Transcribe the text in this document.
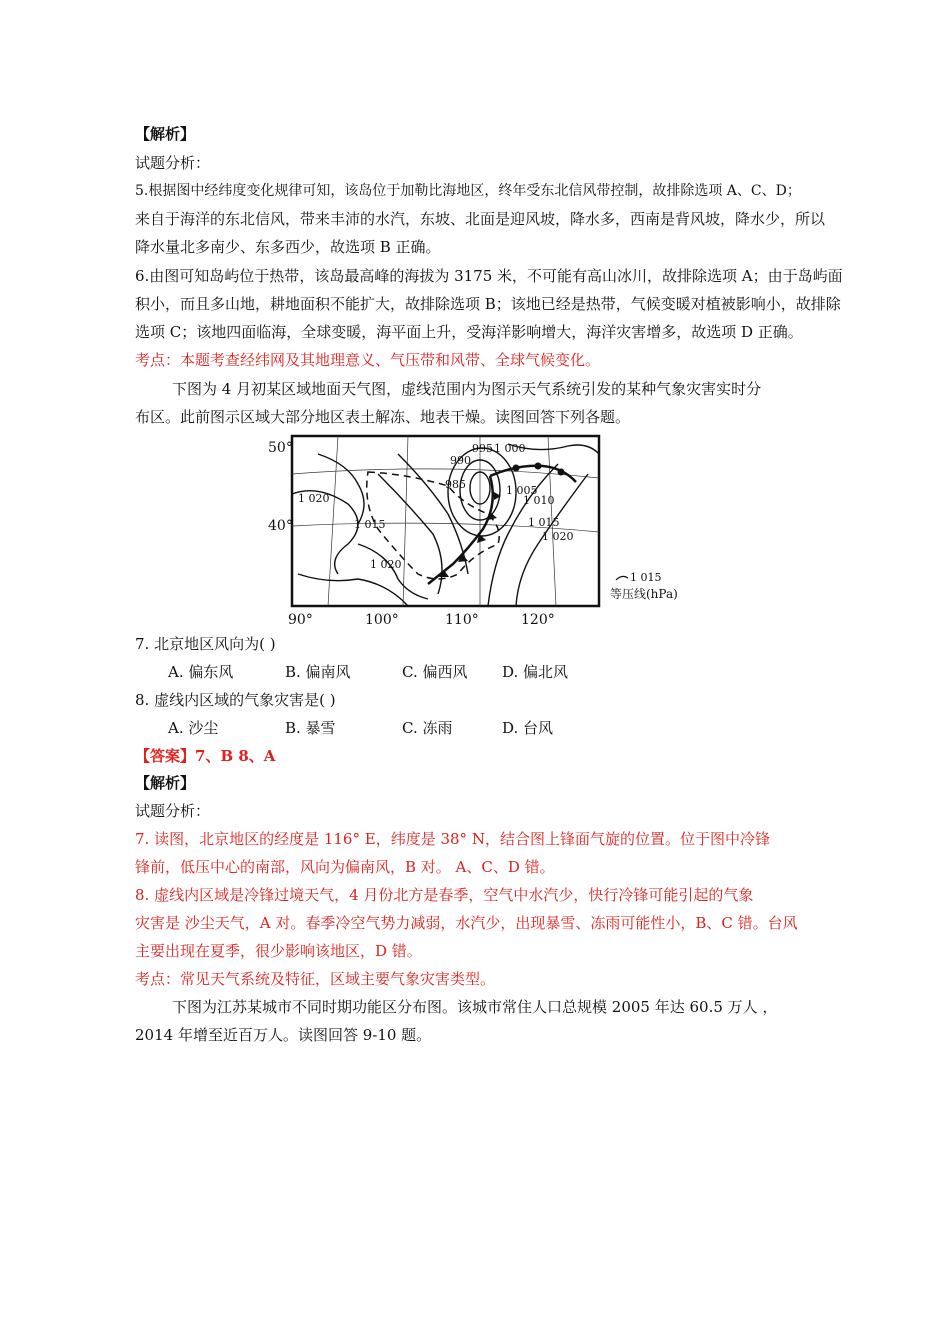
【解析】
试题分析：
5.根据图中经纬度变化规律可知，该岛位于加勒比海地区，终年受东北信风带控制，故排除选项 A、C、D；
来自于海洋的东北信风，带来丰沛的水汽，东坡、北面是迎风坡，降水多，西南是背风坡，降水少，所以
降水量北多南少、东多西少，故选项 B 正确。
6.由图可知岛屿位于热带，该岛最高峰的海拔为 3175 米，不可能有高山冰川，故排除选项 A；由于岛屿面
积小，而且多山地，耕地面积不能扩大，故排除选项 B；该地已经是热带，气候变暖对植被影响小，故排除
选项 C；该地四面临海，全球变暖，海平面上升，受海洋影响增大，海洋灾害增多，故选项 D 正确。
考点：本题考查经纬网及其地理意义、气压带和风带、全球气候变化。
下图为 4 月初某区域地面天气图，虚线范围内为图示天气系统引发的某种气象灾害实时分
布区。此前图示区域大部分地区表土解冻、地表干燥。读图回答下列各题。
50°
40°
90°	100°	110°	120°
990
995 1 000
985
1 020
1 015
1 005
1 010
1 015
1 020
1 020
1 015
等压线(hPa)
7. 北京地区风向为( )
A. 偏东风	B. 偏南风	C. 偏西风 D. 偏北风
8. 虚线内区域的气象灾害是( )
A. 沙尘	B. 暴雪	C. 冻雨	D. 台风
【答案】7、B 8、A
【解析】
试题分析：
7. 读图，北京地区的经度是 116° E，纬度是 38° N，结合图上锋面气旋的位置。位于图中冷锋
锋前，低压中心的南部，风向为偏南风，B 对。 A、C、D 错。
8. 虚线内区域是冷锋过境天气，4 月份北方是春季，空气中水汽少，快行冷锋可能引起的气象
灾害是 沙尘天气，A 对。春季冷空气势力减弱，水汽少，出现暴雪、冻雨可能性小，B、C 错。台风
主要出现在夏季，很少影响该地区，D 错。
考点：常见天气系统及特征，区域主要气象灾害类型。
下图为江苏某城市不同时期功能区分布图。该城市常住人口总规模 2005 年达 60.5 万人 ，
2014 年增至近百万人。读图回答 9-10 题。
